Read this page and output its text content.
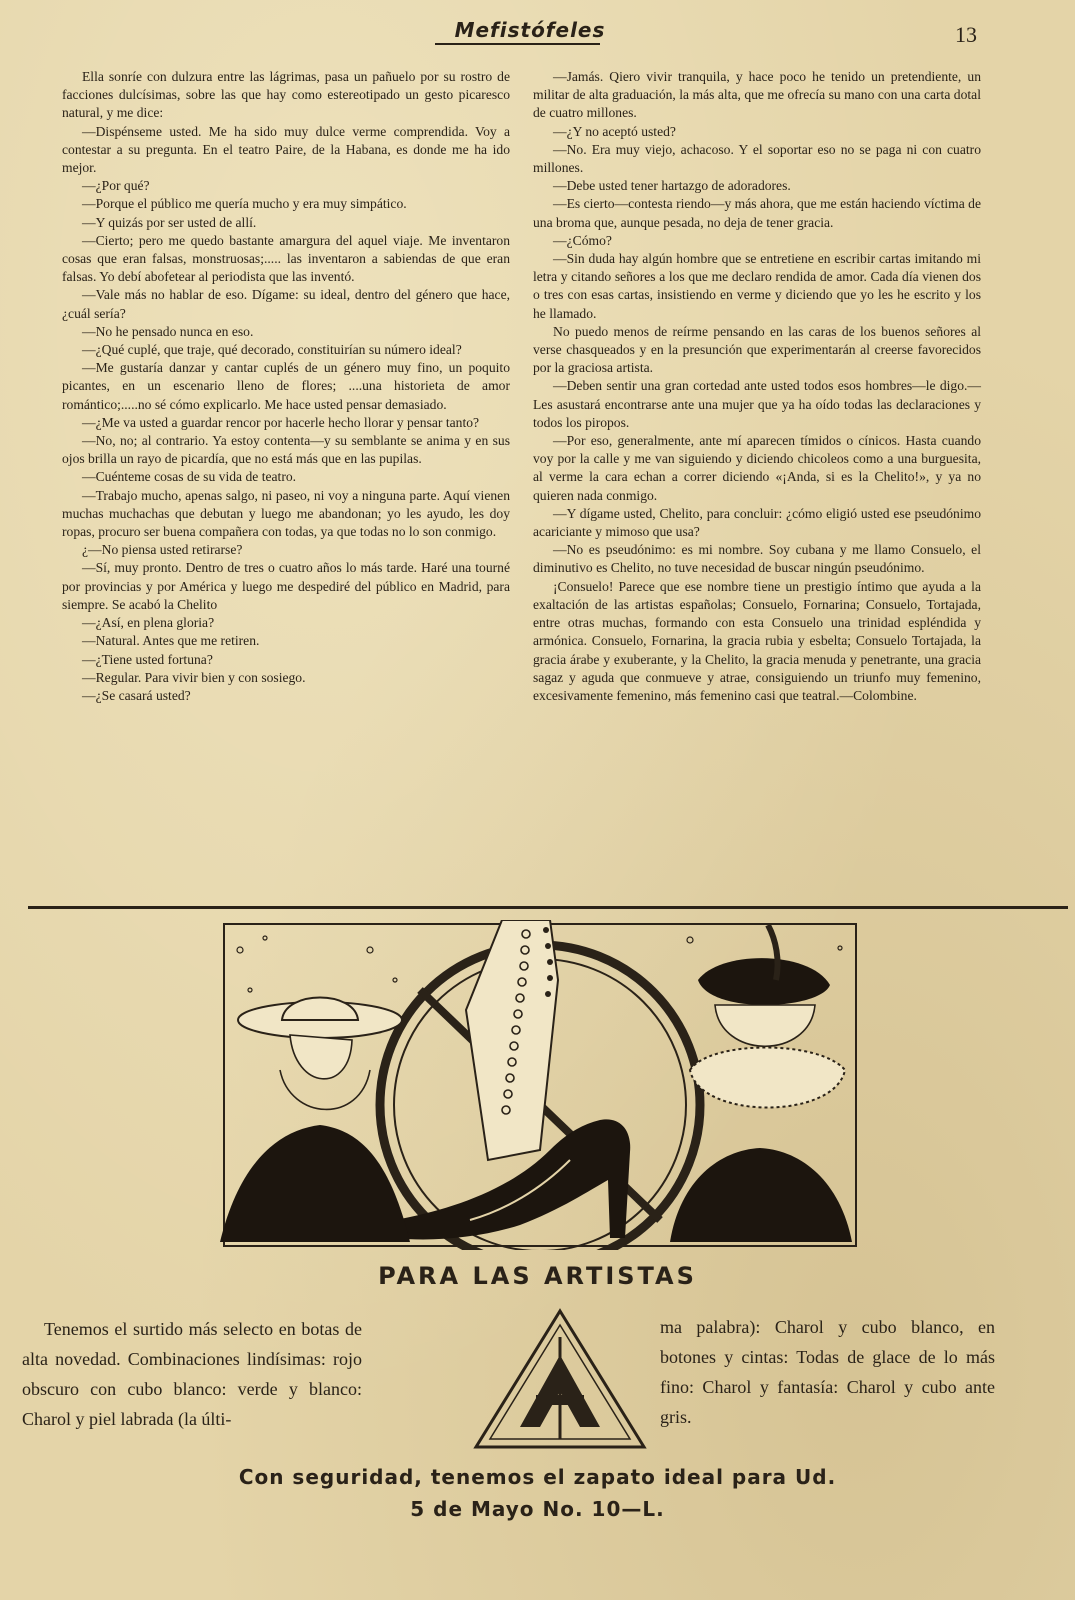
Mefistófeles	13

Ella sonríe con dulzura entre las lágrimas, pasa un pañuelo por su rostro de facciones dulcísimas, sobre las que hay como estereotipado un gesto picaresco natural, y me dice:

—Dispénseme usted. Me ha sido muy dulce verme comprendida. Voy a contestar a su pregunta. En el teatro Paire, de la Habana, es donde me ha ido mejor.

—¿Por qué?

—Porque el público me quería mucho y era muy simpático.

—Y quizás por ser usted de allí.

—Cierto; pero me quedo bastante amargura del aquel viaje. Me inventaron cosas que eran falsas, monstruosas;..... las inventaron a sabiendas de que eran falsas. Yo debí abofetear al periodista que las inventó.

—Vale más no hablar de eso. Dígame: su ideal, dentro del género que hace, ¿cuál sería?

—No he pensado nunca en eso.

—¿Qué cuplé, que traje, qué decorado, constituirían su número ideal?

—Me gustaría danzar y cantar cuplés de un género muy fino, un poquito picantes, en un escenario lleno de flores; ....una historieta de amor romántico;.....no sé cómo explicarlo. Me hace usted pensar demasiado.

—¿Me va usted a guardar rencor por hacerle hecho llorar y pensar tanto?

—No, no; al contrario. Ya estoy contenta—y su semblante se anima y en sus ojos brilla un rayo de picardía, que no está más que en las pupilas.

—Cuénteme cosas de su vida de teatro.

—Trabajo mucho, apenas salgo, ni paseo, ni voy a ninguna parte. Aquí vienen muchas muchachas que debutan y luego me abandonan; yo les ayudo, les doy ropas, procuro ser buena compañera con todas, ya que todas no lo son conmigo.

¿—No piensa usted retirarse?

—Sí, muy pronto. Dentro de tres o cuatro años lo más tarde. Haré una tourné por provincias y por América y luego me despediré del público en Madrid, para siempre. Se acabó la Chelito

—¿Así, en plena gloria?

—Natural. Antes que me retiren.

—¿Tiene usted fortuna?

—Regular. Para vivir bien y con sosiego.

—¿Se casará usted?

—Jamás. Qiero vivir tranquila, y hace poco he tenido un pretendiente, un militar de alta graduación, la más alta, que me ofrecía su mano con una carta dotal de cuatro millones.

—¿Y no aceptó usted?

—No. Era muy viejo, achacoso. Y el soportar eso no se paga ni con cuatro millones.

—Debe usted tener hartazgo de adoradores.

—Es cierto—contesta riendo—y más ahora, que me están haciendo víctima de una broma que, aunque pesada, no deja de tener gracia.

—¿Cómo?

—Sin duda hay algún hombre que se entretiene en escribir cartas imitando mi letra y citando señores a los que me declaro rendida de amor. Cada día vienen dos o tres con esas cartas, insistiendo en verme y diciendo que yo les he escrito y los he llamado.

No puedo menos de reírme pensando en las caras de los buenos señores al verse chasqueados y en la presunción que experimentarán al creerse favorecidos por la graciosa artista.

—Deben sentir una gran cortedad ante usted todos esos hombres—le digo.—Les asustará encontrarse ante una mujer que ya ha oído todas las declaraciones y todos los piropos.

—Por eso, generalmente, ante mí aparecen tímidos o cínicos. Hasta cuando voy por la calle y me van siguiendo y diciendo chicoleos como a una burguesita, al verme la cara echan a correr diciendo «¡Anda, si es la Chelito!», y ya no quieren nada conmigo.

—Y dígame usted, Chelito, para concluir: ¿cómo eligió usted ese pseudónimo acariciante y mimoso que usa?

—No es pseudónimo: es mi nombre. Soy cubana y me llamo Consuelo, el diminutivo es Chelito, no tuve necesidad de buscar ningún pseudónimo.

¡Consuelo! Parece que ese nombre tiene un prestigio íntimo que ayuda a la exaltación de las artistas españolas; Consuelo, Fornarina; Consuelo, Tortajada, entre otras muchas, formando con esta Consuelo una trinidad espléndida y armónica. Consuelo, Fornarina, la gracia rubia y esbelta; Consuelo Tortajada, la gracia árabe y exuberante, y la Chelito, la gracia menuda y penetrante, una gracia sagaz y aguda que conmueve y atrae, consiguiendo un triunfo muy femenino, excesivamente femenino, más femenino casi que teatral.—Colombine.

PARA LAS ARTISTAS
Tenemos el surtido más selecto en botas de alta novedad. Combinaciones lindísimas: rojo obscuro con cubo blanco: verde y blanco: Charol y piel labrada (la últi-
ma palabra): Charol y cubo blanco, en botones y cintas: Todas de glace de lo más fino: Charol y fantasía: Charol y cubo ante gris.
Con seguridad, tenemos el zapato ideal para Ud.
5 de Mayo No. 10—L.
